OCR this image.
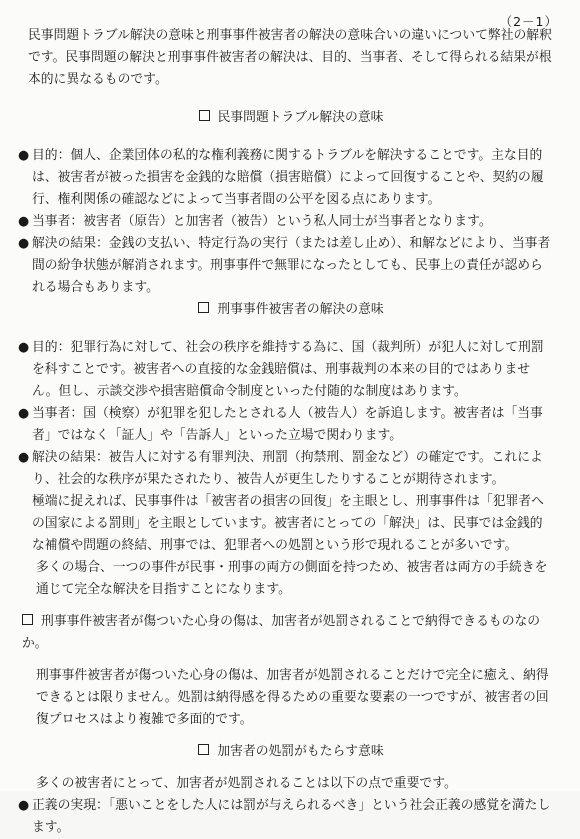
（2－1）

民事問題トラブル解決の意味と刑事事件被害者の解決の意味合いの違いについて弊社の解釈です。民事問題の解決と刑事事件被害者の解決は、目的、当事者、そして得られる結果が根本的に異なるものです。

民事問題トラブル解決の意味
● 目的：個人、企業団体の私的な権利義務に関するトラブルを解決することです。主な目的は、被害者が被った損害を金銭的な賠償（損害賠償）によって回復することや、契約の履行、権利関係の確認などによって当事者間の公平を図る点にあります。

● 当事者：被害者（原告）と加害者（被告）という私人同士が当事者となります。

● 解決の結果：金銭の支払い、特定行為の実行（または差し止め）、和解などにより、当事者間の紛争状態が解消されます。刑事事件で無罪になったとしても、民事上の責任が認められる場合もあります。

刑事事件被害者の解決の意味
● 目的：犯罪行為に対して、社会の秩序を維持する為に、国（裁判所）が犯人に対して刑罰を科すことです。被害者への直接的な金銭賠償は、刑事裁判の本来の目的ではありません。但し、示談交渉や損害賠償命令制度といった付随的な制度はあります。

● 当事者：国（検察）が犯罪を犯したとされる人（被告人）を訴追します。被害者は「当事者」ではなく「証人」や「告訴人」といった立場で関わります。

● 解決の結果：被告人に対する有罪判決、刑罰（拘禁刑、罰金など）の確定です。これにより、社会的な秩序が果たされたり、被告人が更生したりすることが期待されます。

極端に捉えれば、民事事件は「被害者の損害の回復」を主眼とし、刑事事件は「犯罪者への国家による罰則」を主眼としています。被害者にとっての「解決」は、民事では金銭的な補償や問題の終結、刑事では、犯罪者への処罰という形で現れることが多いです。

多くの場合、一つの事件が民事・刑事の両方の側面を持つため、被害者は両方の手続きを通じて完全な解決を目指すことになります。

刑事事件被害者が傷ついた心身の傷は、加害者が処罰されることで納得できるものなのか。

刑事事件被害者が傷ついた心身の傷は、加害者が処罰されることだけで完全に癒え、納得できるとは限りません。処罰は納得感を得るための重要な要素の一つですが、被害者の回復プロセスはより複雑で多面的です。

加害者の処罰がもたらす意味

多くの被害者にとって、加害者が処罰されることは以下の点で重要です。

● 正義の実現：「悪いことをした人には罰が与えられるべき」という社会正義の感覚を満たします。
